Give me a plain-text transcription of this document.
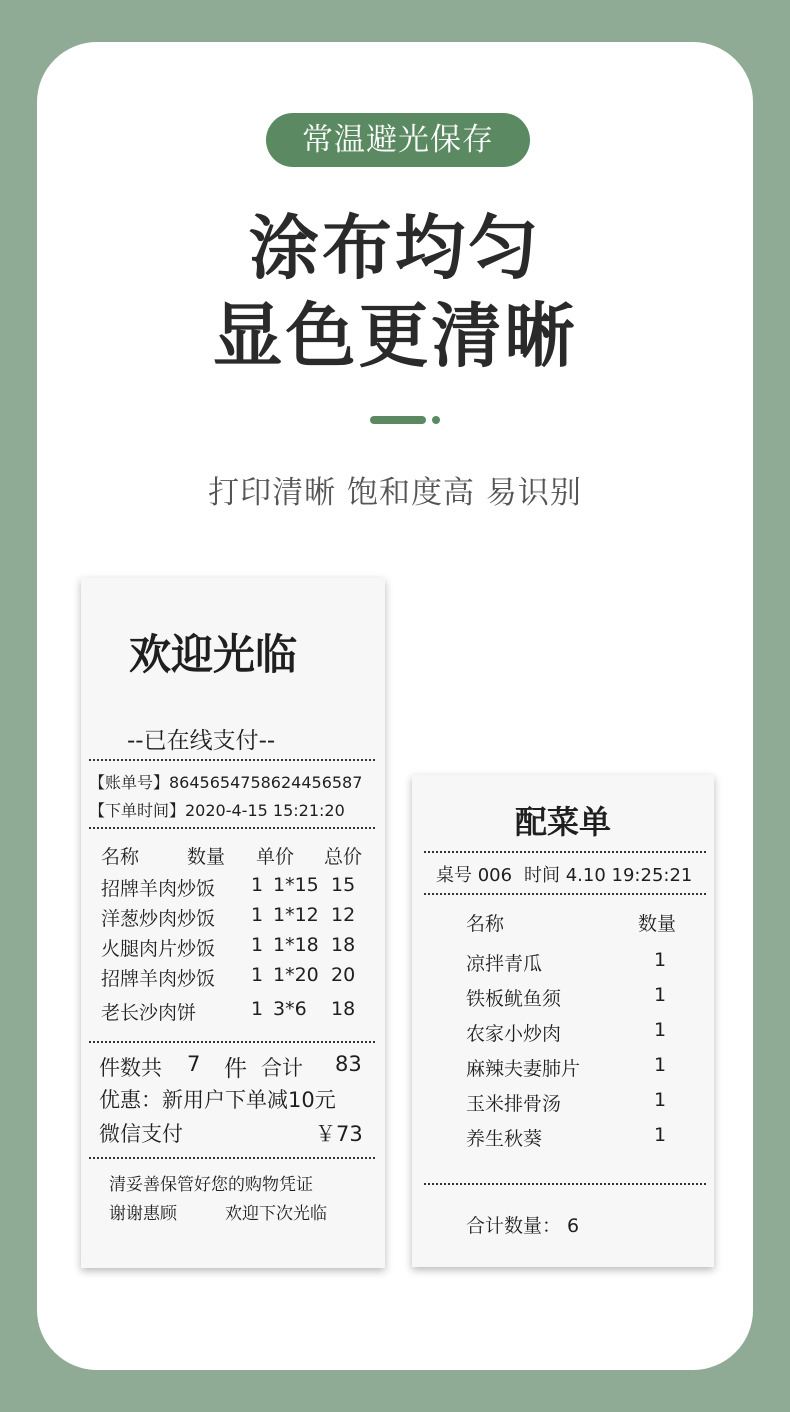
常温避光保存
涂布均匀
显色更清晰
打印清晰 饱和度高 易识别
欢迎光临
--已在线支付--
【账单号】8645654758624456587
【下单时间】2020-4-15 15:21:20
名称	数量 单价 总价
招牌羊肉炒饭 1 1*15 15
洋葱炒肉炒饭 1 1*12 12
火腿肉片炒饭 1 1*18 18
招牌羊肉炒饭 1 1*20 20
老长沙肉饼	1 3*6 18
件数共 7 件 合计 83
优惠：新用户下单减10元
微信支付	￥73
清妥善保管好您的购物凭证
谢谢惠顾	欢迎下次光临
配菜单
桌号 006 时间 4.10 19:25:21
名称	数量
凉拌青瓜	1
铁板鱿鱼须	1
农家小炒肉	1
麻辣夫妻肺片	1
玉米排骨汤	1
养生秋葵	1
合计数量： 6
